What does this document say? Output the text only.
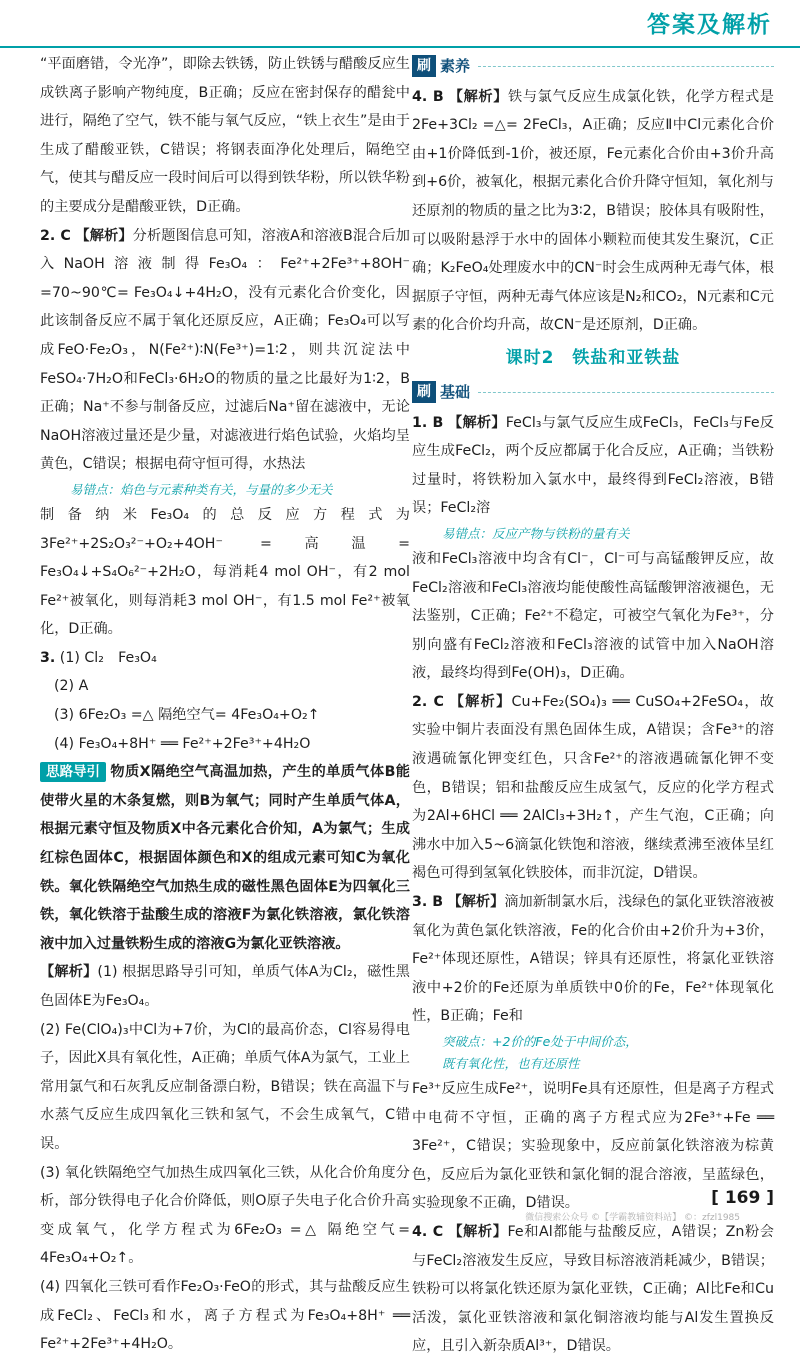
答案及解析

“平面磨错，令光净”，即除去铁锈，防止铁锈与醋酸反应生成铁离子影响产物纯度，B正确；反应在密封保存的醋瓮中进行，隔绝了空气，铁不能与氧气反应，“铁上衣生”是由于生成了醋酸亚铁，C错误；将钢表面净化处理后，隔绝空气，使其与醋反应一段时间后可以得到铁华粉，所以铁华粉的主要成分是醋酸亚铁，D正确。

2. C 【解析】分析题图信息可知，溶液A和溶液B混合后加入NaOH溶液制得Fe₃O₄：Fe²⁺+2Fe³⁺+8OH⁻ =70~90℃= Fe₃O₄↓+4H₂O，没有元素化合价变化，因此该制备反应不属于氧化还原反应，A正确；Fe₃O₄可以写成FeO·Fe₂O₃，N(Fe²⁺)∶N(Fe³⁺)=1∶2，则共沉淀法中FeSO₄·7H₂O和FeCl₃·6H₂O的物质的量之比最好为1∶2，B正确；Na⁺不参与制备反应，过滤后Na⁺留在滤液中，无论NaOH溶液过量还是少量，对滤液进行焰色试验，火焰均呈黄色，C错误；根据电荷守恒可得，水热法

易错点：焰色与元素种类有关，与量的多少无关

制备纳米Fe₃O₄的总反应方程式为3Fe²⁺+2S₂O₃²⁻+O₂+4OH⁻ =高温= Fe₃O₄↓+S₄O₆²⁻+2H₂O，每消耗4 mol OH⁻，有2 mol Fe²⁺被氧化，则每消耗3 mol OH⁻，有1.5 mol Fe²⁺被氧化，D正确。

3. (1) Cl₂　Fe₃O₄

(2) A

(3) 6Fe₂O₃ =△ 隔绝空气= 4Fe₃O₄+O₂↑

(4) Fe₃O₄+8H⁺ ══ Fe²⁺+2Fe³⁺+4H₂O

思路导引 物质X隔绝空气高温加热，产生的单质气体B能使带火星的木条复燃，则B为氧气；同时产生单质气体A，根据元素守恒及物质X中各元素化合价知，A为氯气；生成红棕色固体C，根据固体颜色和X的组成元素可知C为氧化铁。氧化铁隔绝空气加热生成的磁性黑色固体E为四氧化三铁，氧化铁溶于盐酸生成的溶液F为氯化铁溶液，氯化铁溶液中加入过量铁粉生成的溶液G为氯化亚铁溶液。

【解析】(1) 根据思路导引可知，单质气体A为Cl₂，磁性黑色固体E为Fe₃O₄。

(2) Fe(ClO₄)₃中Cl为+7价，为Cl的最高价态，Cl容易得电子，因此X具有氧化性，A正确；单质气体A为氯气，工业上常用氯气和石灰乳反应制备漂白粉，B错误；铁在高温下与水蒸气反应生成四氧化三铁和氢气，不会生成氧气，C错误。

(3) 氧化铁隔绝空气加热生成四氧化三铁，从化合价角度分析，部分铁得电子化合价降低，则O原子失电子化合价升高变成氧气，化学方程式为6Fe₂O₃ =△ 隔绝空气= 4Fe₃O₄+O₂↑。

(4) 四氧化三铁可看作Fe₂O₃·FeO的形式，其与盐酸反应生成FeCl₂、FeCl₃和水，离子方程式为Fe₃O₄+8H⁺ ══ Fe²⁺+2Fe³⁺+4H₂O。

刷 素养

4. B 【解析】铁与氯气反应生成氯化铁，化学方程式是2Fe+3Cl₂ =△= 2FeCl₃，A正确；反应Ⅱ中Cl元素化合价由+1价降低到-1价，被还原，Fe元素化合价由+3价升高到+6价，被氧化，根据元素化合价升降守恒知，氧化剂与还原剂的物质的量之比为3∶2，B错误；胶体具有吸附性，可以吸附悬浮于水中的固体小颗粒而使其发生聚沉，C正确；K₂FeO₄处理废水中的CN⁻时会生成两种无毒气体，根据原子守恒，两种无毒气体应该是N₂和CO₂，N元素和C元素的化合价均升高，故CN⁻是还原剂，D正确。

课时2　铁盐和亚铁盐
刷 基础

1. B 【解析】FeCl₃与氯气反应生成FeCl₃，FeCl₃与Fe反应生成FeCl₂，两个反应都属于化合反应，A正确；当铁粉过量时，将铁粉加入氯水中，最终得到FeCl₂溶液，B错误；FeCl₂溶

易错点：反应产物与铁粉的量有关

液和FeCl₃溶液中均含有Cl⁻，Cl⁻可与高锰酸钾反应，故FeCl₂溶液和FeCl₃溶液均能使酸性高锰酸钾溶液褪色，无法鉴别，C正确；Fe²⁺不稳定，可被空气氧化为Fe³⁺，分别向盛有FeCl₂溶液和FeCl₃溶液的试管中加入NaOH溶液，最终均得到Fe(OH)₃，D正确。

2. C 【解析】Cu+Fe₂(SO₄)₃ ══ CuSO₄+2FeSO₄，故实验中铜片表面没有黑色固体生成，A错误；含Fe³⁺的溶液遇硫氰化钾变红色，只含Fe²⁺的溶液遇硫氰化钾不变色，B错误；铝和盐酸反应生成氢气，反应的化学方程式为2Al+6HCl ══ 2AlCl₃+3H₂↑，产生气泡，C正确；向沸水中加入5~6滴氯化铁饱和溶液，继续煮沸至液体呈红褐色可得到氢氧化铁胶体，而非沉淀，D错误。

3. B 【解析】滴加新制氯水后，浅绿色的氯化亚铁溶液被氧化为黄色氯化铁溶液，Fe的化合价由+2价升为+3价，Fe²⁺体现还原性，A错误；锌具有还原性，将氯化亚铁溶液中+2价的Fe还原为单质铁中0价的Fe，Fe²⁺体现氧化性，B正确；Fe和

突破点：+2价的Fe处于中间价态，
既有氧化性，也有还原性

Fe³⁺反应生成Fe²⁺，说明Fe具有还原性，但是离子方程式中电荷不守恒，正确的离子方程式应为2Fe³⁺+Fe ══ 3Fe²⁺，C错误；实验现象中，反应前氯化铁溶液为棕黄色，反应后为氯化亚铁和氯化铜的混合溶液，呈蓝绿色，实验现象不正确，D错误。

4. C 【解析】Fe和Al都能与盐酸反应，A错误；Zn粉会与FeCl₂溶液发生反应，导致目标溶液消耗减少，B错误；铁粉可以将氯化铁还原为氯化亚铁，C正确；Al比Fe和Cu活泼，氯化亚铁溶液和氯化铜溶液均能与Al发生置换反应，且引入新杂质Al³⁺，D错误。

[ 169 ]
微信搜索公众号 ©【学霸教辅资料站】 ©：zfzl1985
